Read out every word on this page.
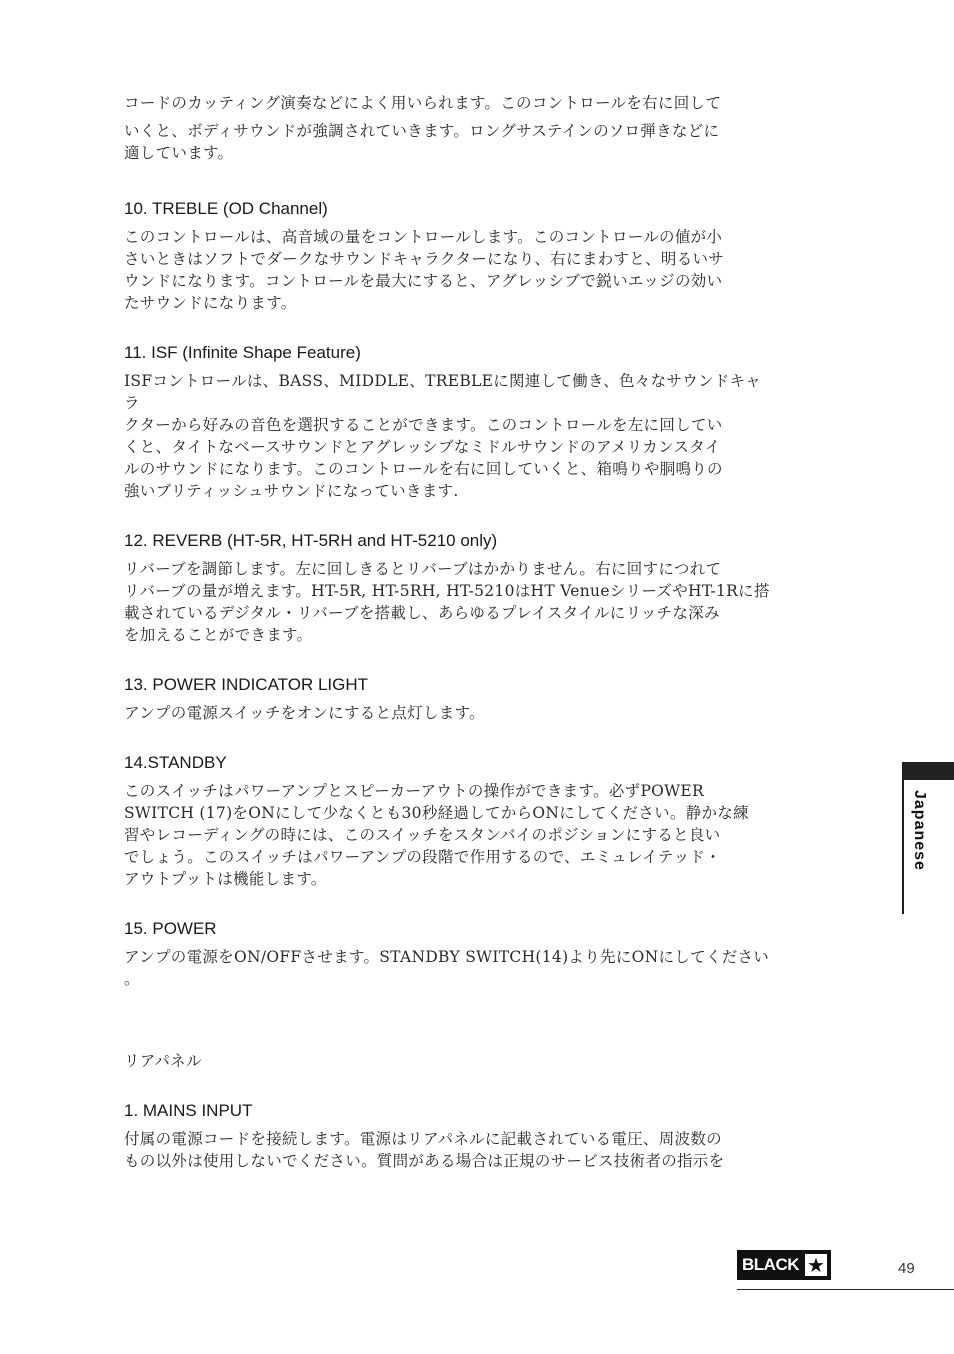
コードのカッティング演奏などによく用いられます。このコントロールを右に回して

いくと、ボディサウンドが強調されていきます。ロングサステインのソロ弾きなどに

適しています。

10. TREBLE (OD Channel)

このコントロールは、高音域の量をコントロールします。このコントロールの値が小

さいときはソフトでダークなサウンドキャラクターになり、右にまわすと、明るいサ

ウンドになります。コントロールを最大にすると、アグレッシブで鋭いエッジの効い

たサウンドになります。

11. ISF (Infinite Shape Feature)

ISFコントロールは、BASS、MIDDLE、TREBLEに関連して働き、色々なサウンドキャ

ラ

クターから好みの音色を選択することができます。このコントロールを左に回してい

くと、タイトなベースサウンドとアグレッシブなミドルサウンドのアメリカンスタイ

ルのサウンドになります。このコントロールを右に回していくと、箱鳴りや胴鳴りの

強いブリティッシュサウンドになっていきます.

12. REVERB (HT-5R, HT-5RH and HT-5210 only)

リバーブを調節します。左に回しきるとリバーブはかかりません。右に回すにつれて

リバーブの量が増えます。HT-5R, HT-5RH, HT-5210はHT VenueシリーズやHT-1Rに搭

載されているデジタル・リバーブを搭載し、あらゆるプレイスタイルにリッチな深み

を加えることができます。

13. POWER INDICATOR LIGHT

アンプの電源スイッチをオンにすると点灯します。

14.STANDBY

このスイッチはパワーアンプとスピーカーアウトの操作ができます。必ずPOWER

SWITCH (17)をONにして少なくとも30秒経過してからONにしてください。静かな練

習やレコーディングの時には、このスイッチをスタンバイのポジションにすると良い

でしょう。このスイッチはパワーアンプの段階で作用するので、エミュレイテッド・

アウトプットは機能します。

15. POWER

アンプの電源をON/OFFさせます。STANDBY SWITCH(14)より先にONにしてください

。

リアパネル

1. MAINS INPUT

付属の電源コードを接続します。電源はリアパネルに記載されている電圧、周波数の

もの以外は使用しないでください。質問がある場合は正規のサービス技術者の指示を

Japanese
BLACK ★	49
